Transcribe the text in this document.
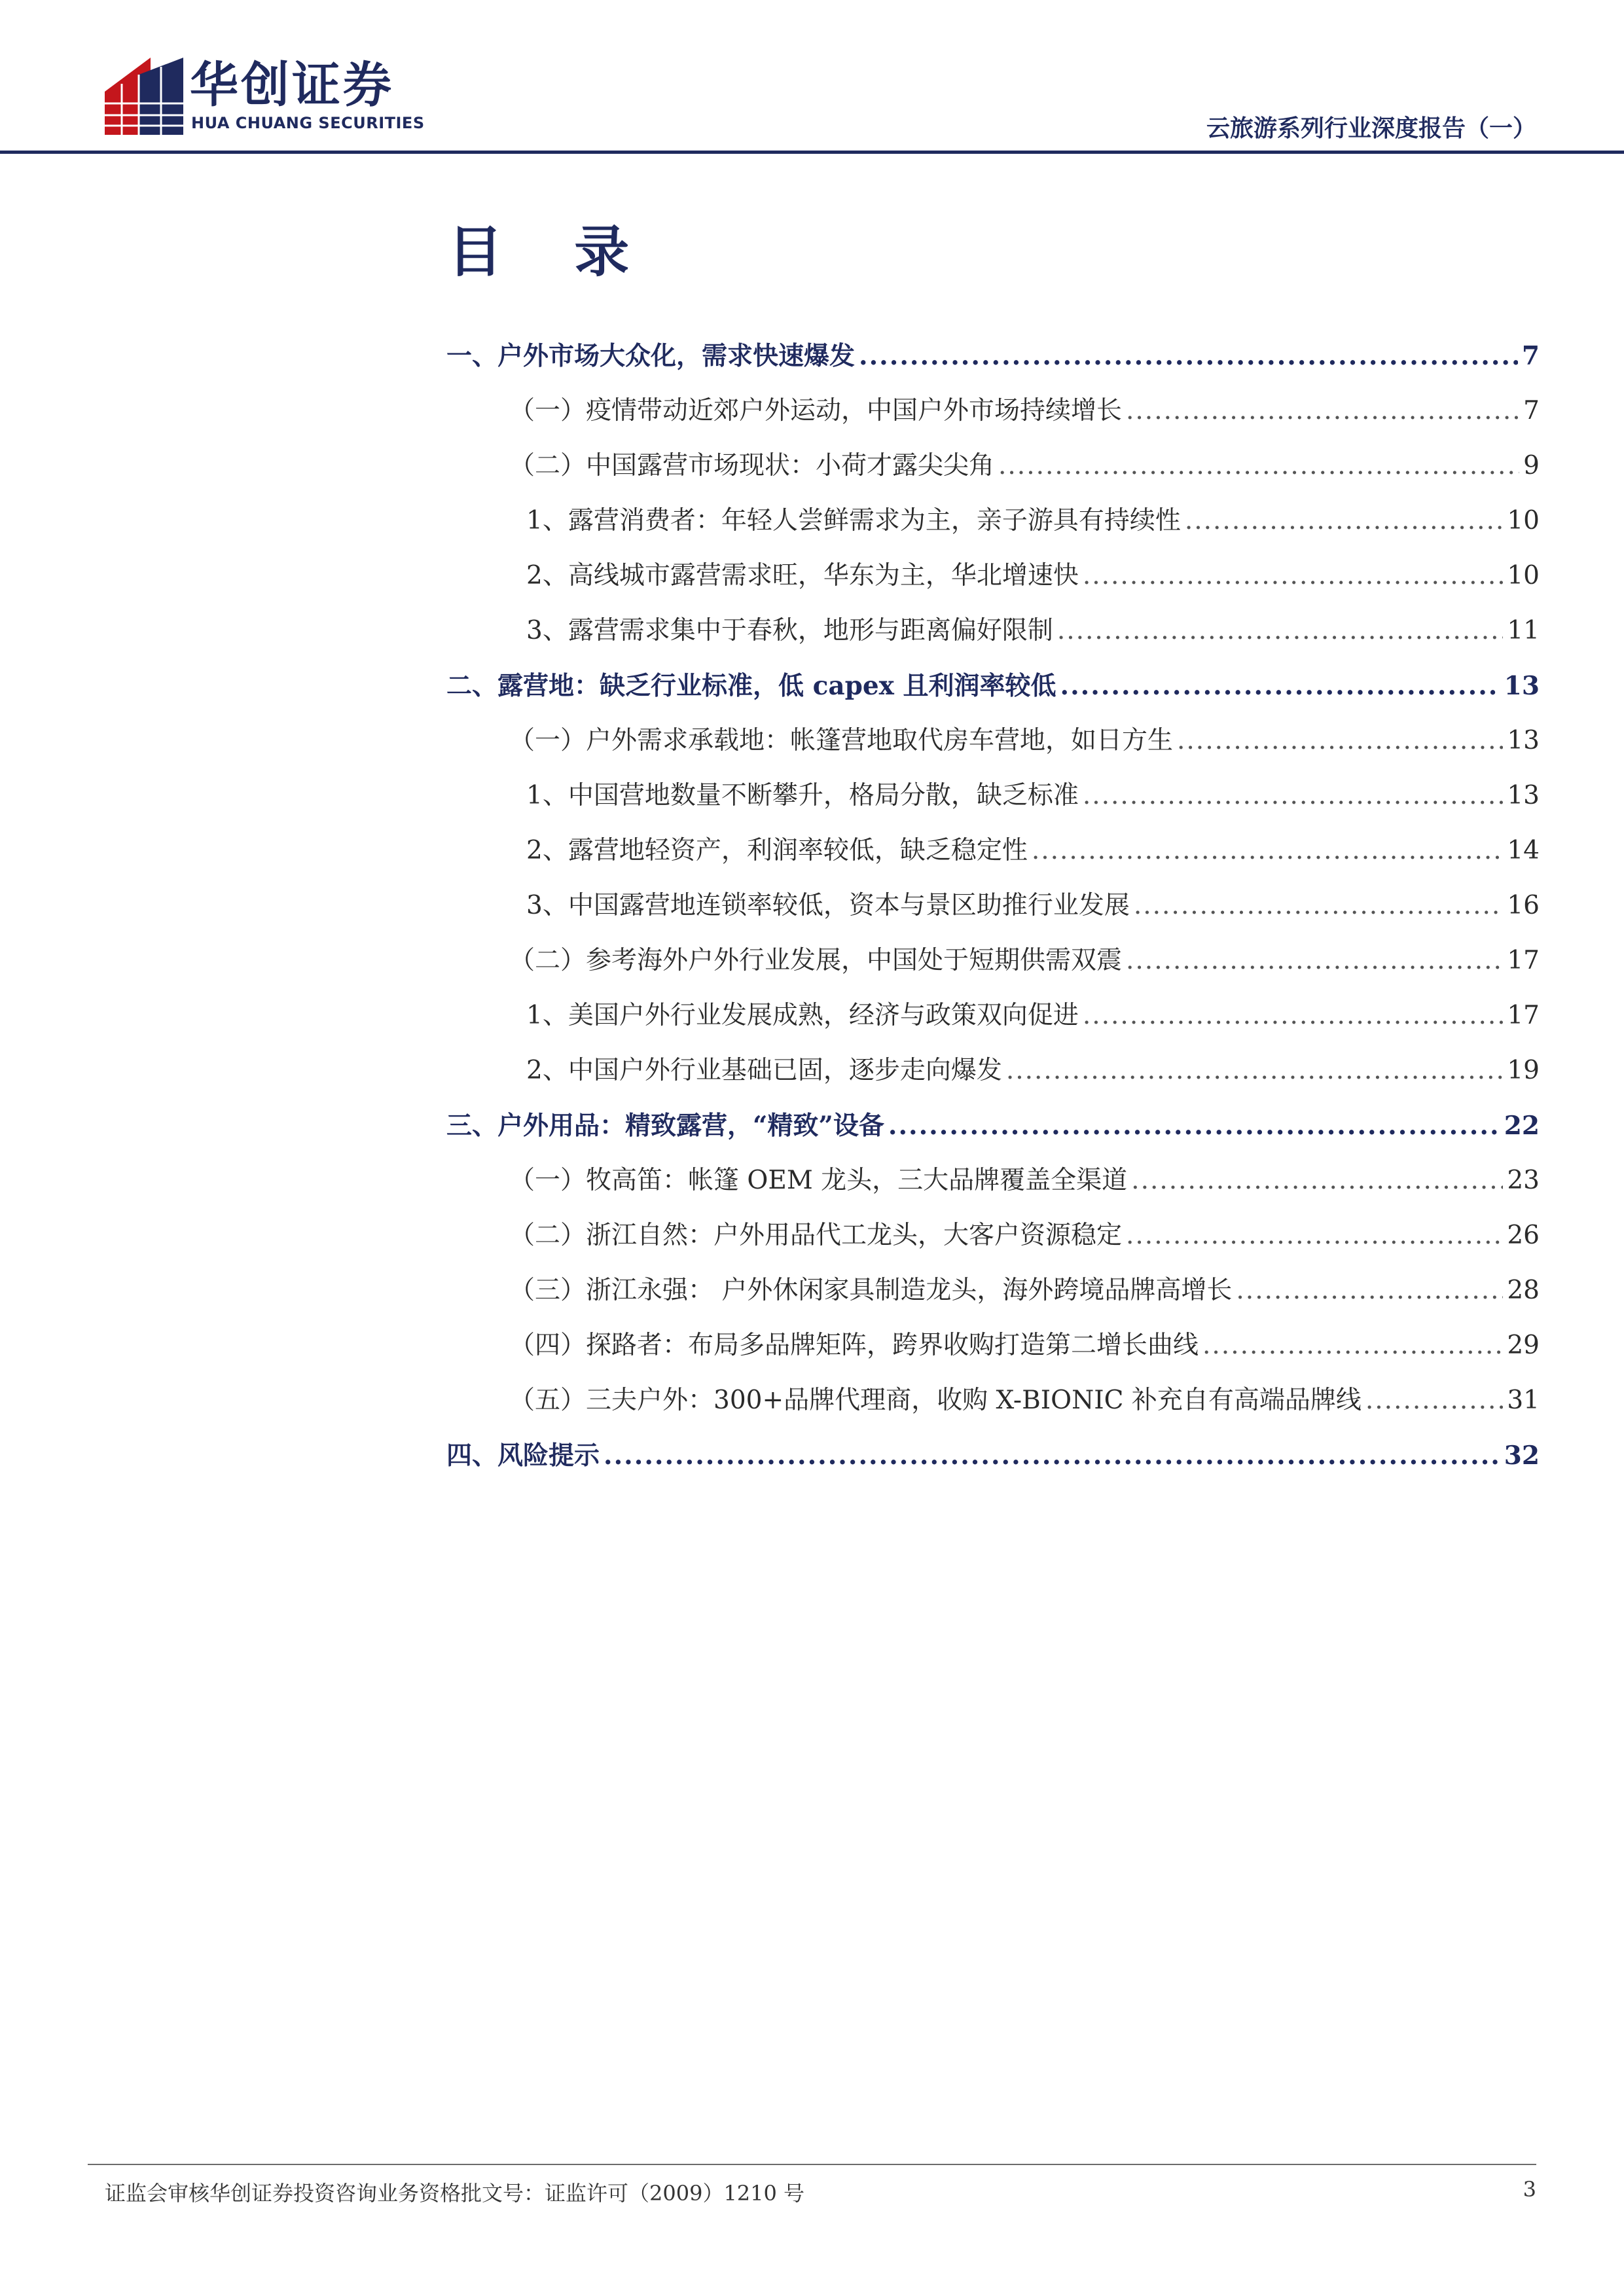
华创证券
HUA CHUANG SECURITIES	云旅游系列行业深度报告（一）
目 录
一、户外市场大众化，需求快速爆发 .....	7
（一）疫情带动近郊户外运动，中国户外市场持续增长 .....	7
（二）中国露营市场现状：小荷才露尖尖角 .....	9
1、露营消费者：年轻人尝鲜需求为主，亲子游具有持续性 .....	10
2、高线城市露营需求旺，华东为主，华北增速快 .....	10
3、露营需求集中于春秋，地形与距离偏好限制 .....	11
二、露营地：缺乏行业标准，低 capex 且利润率较低 .....	13
（一）户外需求承载地：帐篷营地取代房车营地，如日方生 .....	13
1、中国营地数量不断攀升，格局分散，缺乏标准 .....	13
2、露营地轻资产，利润率较低，缺乏稳定性 .....	14
3、中国露营地连锁率较低，资本与景区助推行业发展 .....	16
（二）参考海外户外行业发展，中国处于短期供需双震 .....	17
1、美国户外行业发展成熟，经济与政策双向促进 .....	17
2、中国户外行业基础已固，逐步走向爆发 .....	19
三、户外用品：精致露营，“精致”设备 .....	22
（一）牧高笛：帐篷 OEM 龙头，三大品牌覆盖全渠道 .....	23
（二）浙江自然：户外用品代工龙头，大客户资源稳定 .....	26
（三）浙江永强： 户外休闲家具制造龙头，海外跨境品牌高增长 .....	28
（四）探路者：布局多品牌矩阵，跨界收购打造第二增长曲线 .....	29
（五）三夫户外：300+品牌代理商，收购 X-BIONIC 补充自有高端品牌线 .....	31
四、风险提示 .....	32
证监会审核华创证券投资咨询业务资格批文号：证监许可（2009）1210 号	3
